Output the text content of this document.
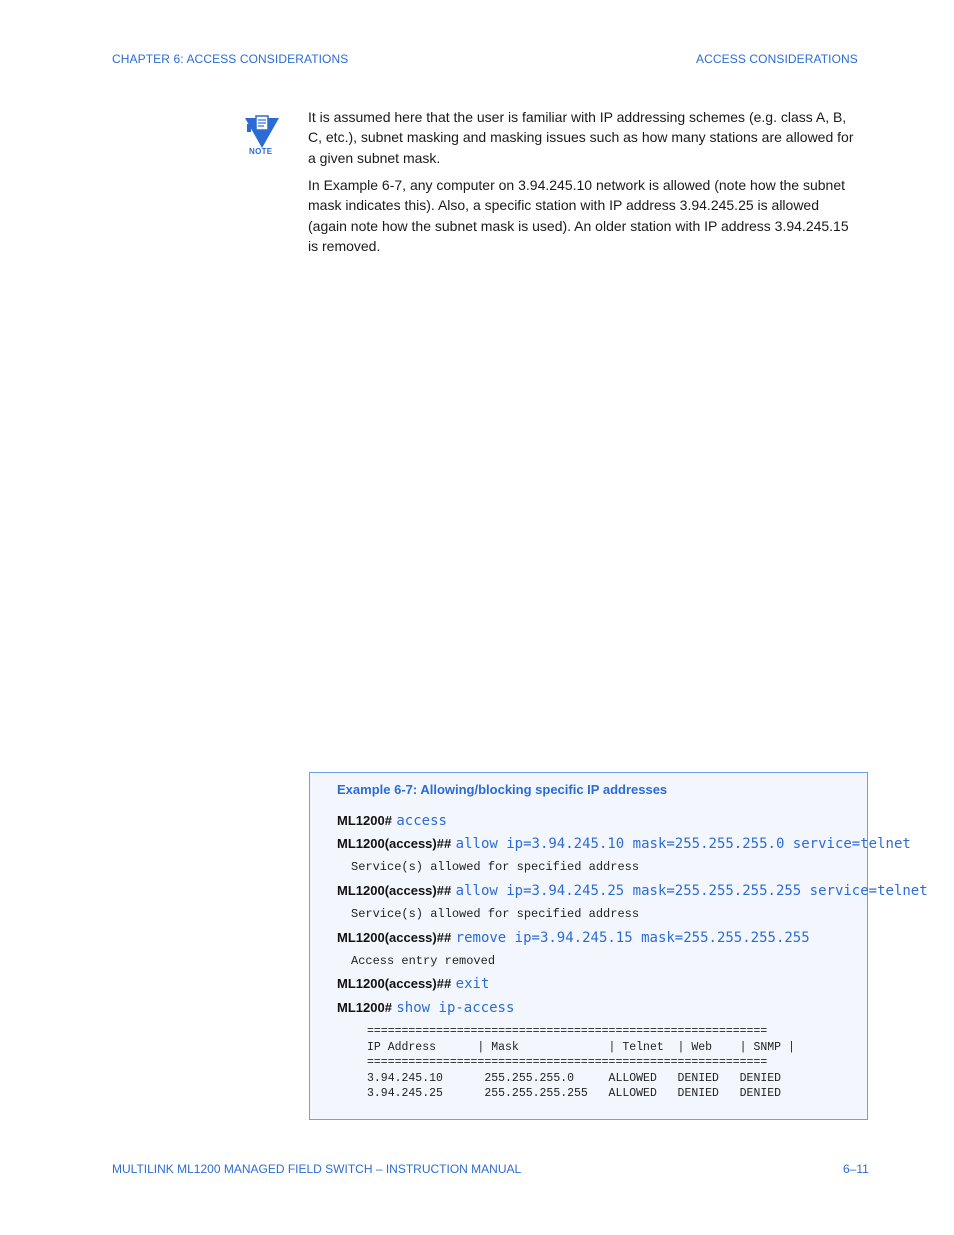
CHAPTER 6: ACCESS CONSIDERATIONS	ACCESS CONSIDERATIONS
NOTE

It is assumed here that the user is familiar with IP addressing schemes (e.g. class A, B, C, etc.), subnet masking and masking issues such as how many stations are allowed for a given subnet mask.

In Example 6-7, any computer on 3.94.245.10 network is allowed (note how the subnet mask indicates this). Also, a specific station with IP address 3.94.245.25 is allowed (again note how the subnet mask is used). An older station with IP address 3.94.245.15 is removed.

Example 6-7: Allowing/blocking specific IP addresses
ML1200# access
ML1200(access)## allow ip=3.94.245.10 mask=255.255.255.0 service=telnet
Service(s) allowed for specified address
ML1200(access)## allow ip=3.94.245.25 mask=255.255.255.255 service=telnet
Service(s) allowed for specified address
ML1200(access)## remove ip=3.94.245.15 mask=255.255.255.255
Access entry removed
ML1200(access)## exit
ML1200# show ip-access
==========================================================
IP Address      | Mask             | Telnet  | Web    | SNMP |
==========================================================
3.94.245.10      255.255.255.0     ALLOWED   DENIED   DENIED
3.94.245.25      255.255.255.255   ALLOWED   DENIED   DENIED
MULTILINK ML1200 MANAGED FIELD SWITCH – INSTRUCTION MANUAL	6–11
